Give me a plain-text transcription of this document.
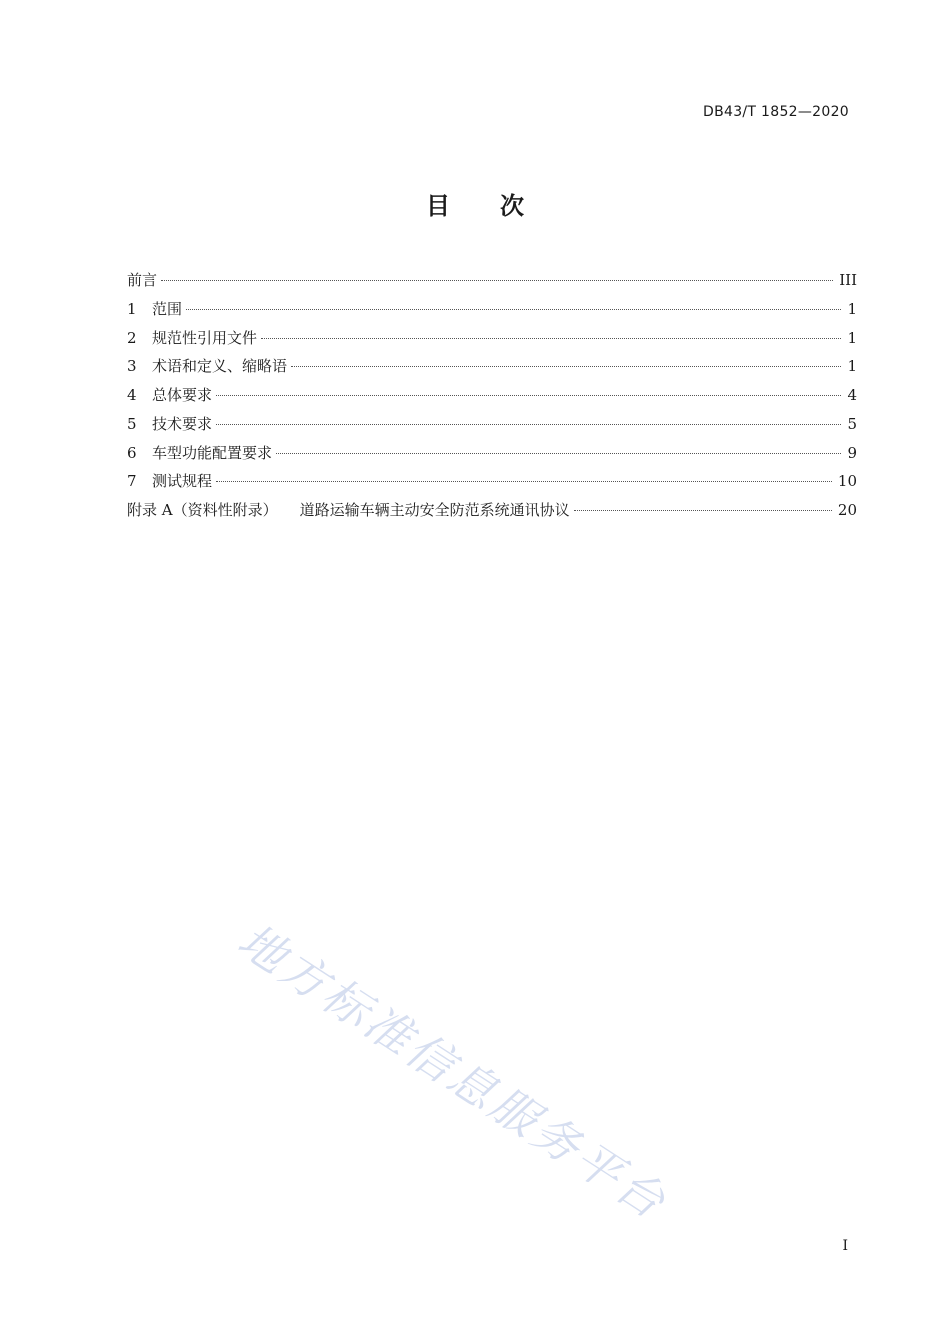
DB43/T 1852—2020
目 次
前言	III
1	范围	1
2	规范性引用文件	1
3	术语和定义、缩略语	1
4	总体要求	4
5	技术要求	5
6	车型功能配置要求	9
7	测试规程	10
附录 A（资料性附录） 道路运输车辆主动安全防范系统通讯协议	20
地方标准信息服务平台
I
